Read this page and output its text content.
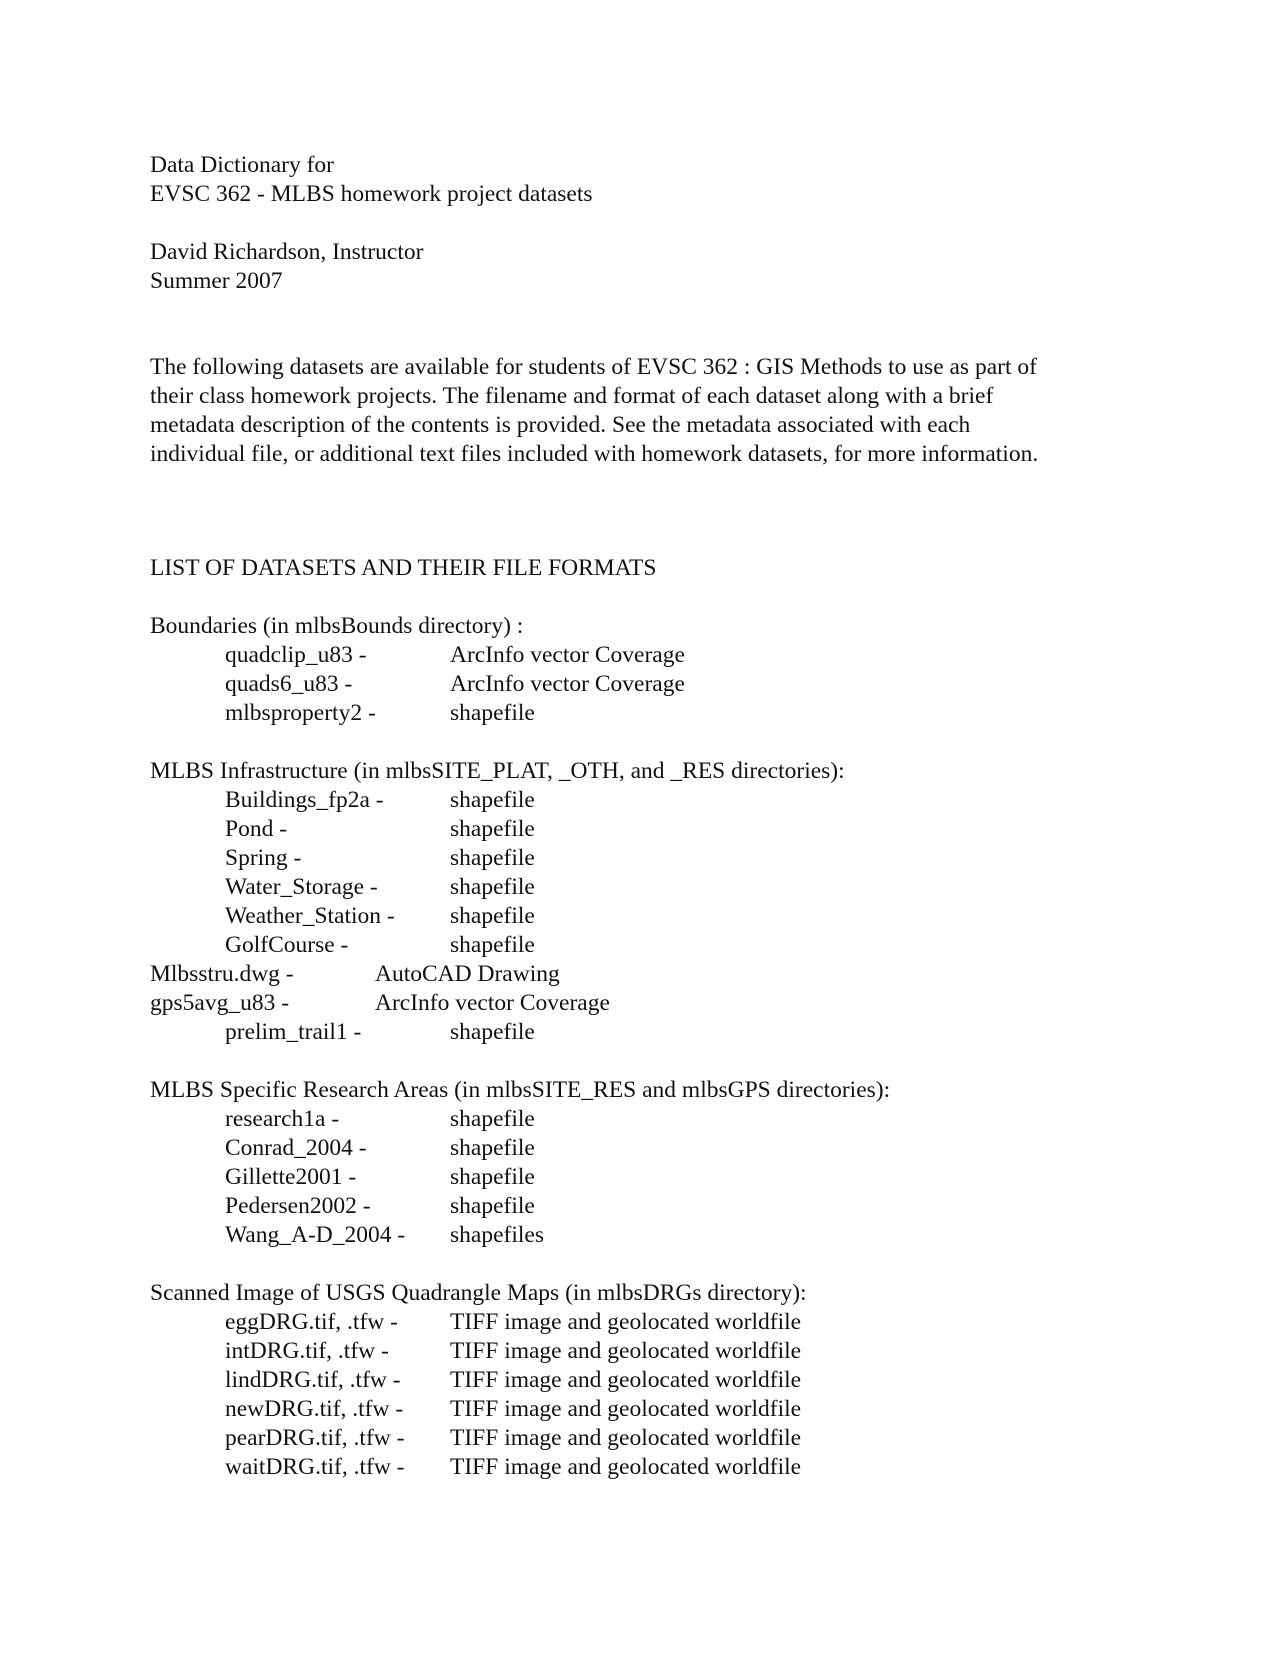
Data Dictionary for
EVSC 362 - MLBS homework project datasets
David Richardson, Instructor
Summer 2007
The following datasets are available for students of EVSC 362 : GIS Methods to use as part of
their class homework projects. The filename and format of each dataset along with a brief
metadata description of the contents is provided. See the metadata associated with each
individual file, or additional text files included with homework datasets, for more information.
LIST OF DATASETS AND THEIR FILE FORMATS
Boundaries (in mlbsBounds directory) :

quadclip_u83 -

	ArcInfo vector Coverage

quads6_u83 -

	ArcInfo vector Coverage

mlbsproperty2 -

	shapefile

MLBS Infrastructure (in mlbsSITE_PLAT, _OTH, and _RES directories):

Buildings_fp2a -

	shapefile

Pond -

	shapefile

Spring -

	shapefile

Water_Storage -

	shapefile

Weather_Station -

shapefile

GolfCourse -

	shapefile

Mlbsstru.dwg -

	AutoCAD Drawing

gps5avg_u83 -

	ArcInfo vector Coverage

prelim_trail1 -

	shapefile

MLBS Specific Research Areas (in mlbsSITE_RES and mlbsGPS directories):

research1a -

	shapefile

Conrad_2004 -

	shapefile

Gillette2001 -

	shapefile

Pedersen2002 -

	shapefile

Wang_A-D_2004 -

shapefiles

Scanned Image of USGS Quadrangle Maps (in mlbsDRGs directory):

eggDRG.tif, .tfw -

TIFF image and geolocated worldfile

intDRG.tif, .tfw -

	TIFF image and geolocated worldfile

lindDRG.tif, .tfw -

TIFF image and geolocated worldfile

newDRG.tif, .tfw -

TIFF image and geolocated worldfile

pearDRG.tif, .tfw -

TIFF image and geolocated worldfile

waitDRG.tif, .tfw -

TIFF image and geolocated worldfile
